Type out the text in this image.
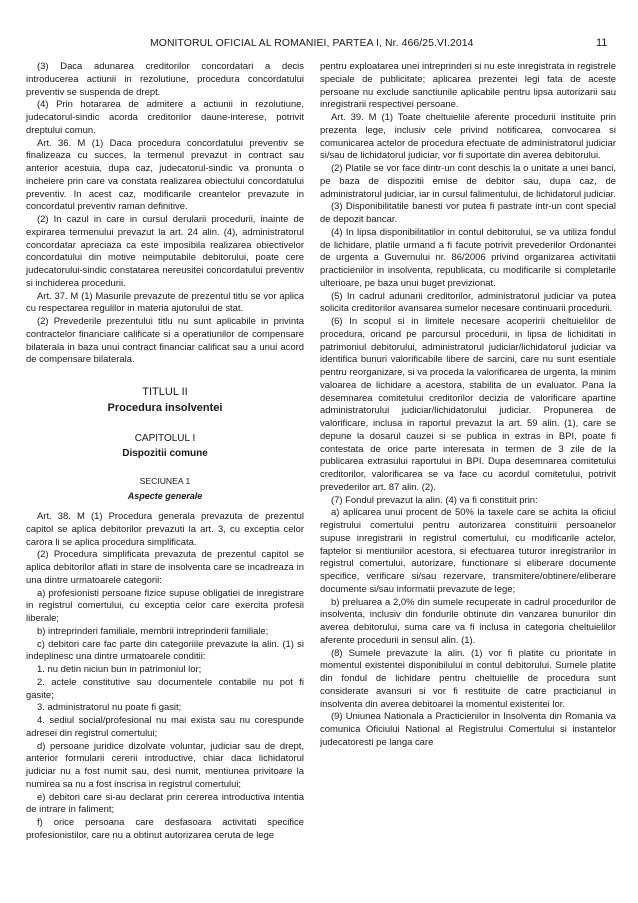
MONITORUL OFICIAL AL ROMANIEI, PARTEA I, Nr. 466/25.VI.2014	11

(3) Daca adunarea creditorilor concordatari a decis introducerea actiunii in rezolutiune, procedura concordatului preventiv se suspenda de drept.

(4) Prin hotararea de admitere a actiunii in rezolutiune, judecatorul-sindic acorda creditorilor daune-interese, potrivit dreptului comun.

Art. 36. M (1) Daca procedura concordatului preventiv se finalizeaza cu succes, la termenul prevazut in contract sau anterior acestuia, dupa caz, judecatorul-sindic va pronunta o incheiere prin care va constata realizarea obiectului concordatului preventiv. In acest caz, modificarile creantelor prevazute in concordatul preventiv raman definitive.

(2) In cazul in care in cursul derularii procedurii, inainte de expirarea termenului prevazut la art. 24 alin. (4), administratorul concordatar apreciaza ca este imposibila realizarea obiectivelor concordatului din motive neimputabile debitorului, poate cere judecatorului-sindic constatarea nereusitei concordatului preventiv si inchiderea procedurii.

Art. 37. M (1) Masurile prevazute de prezentul titlu se vor aplica cu respectarea regulilor in materia ajutorului de stat.

(2) Prevederile prezentului titlu nu sunt aplicabile in privinta contractelor financiare calificate si a operatiunilor de compensare bilaterala in baza unui contract financiar calificat sau a unui acord de compensare bilaterala.

TITLUL II

Procedura insolventei

CAPITOLUL I

Dispozitii comune

SECIUNEA 1

Aspecte generale

Art. 38. M (1) Procedura generala prevazuta de prezentul capitol se aplica debitorilor prevazuti la art. 3, cu exceptia celor carora li se aplica procedura simplificata.

(2) Procedura simplificata prevazuta de prezentul capitol se aplica debitorilor aflati in stare de insolventa care se incadreaza in una dintre urmatoarele categorii:

a) profesionisti persoane fizice supuse obligatiei de inregistrare in registrul comertului, cu exceptia celor care exercita profesii liberale;

b) intreprinderi familiale, membrii intreprinderii familiale;

c) debitori care fac parte din categoriile prevazute la alin. (1) si indeplinesc una dintre urmatoarele conditii:

1. nu detin niciun bun in patrimoniul lor;

2. actele constitutive sau documentele contabile nu pot fi gasite;

3. administratorul nu poate fi gasit;

4. sediul social/profesional nu mai exista sau nu corespunde adresei din registrul comertului;

d) persoane juridice dizolvate voluntar, judiciar sau de drept, anterior formularii cererii introductive, chiar daca lichidatorul judiciar nu a fost numit sau, desi numit, mentiunea privitoare la numirea sa nu a fost inscrisa in registrul comertului;

e) debitori care si-au declarat prin cererea introductiva intentia de intrare in faliment;

f) orice persoana care desfasoara activitati specifice profesionistilor, care nu a obtinut autorizarea ceruta de lege

pentru exploatarea unei intreprinderi si nu este inregistrata in registrele speciale de publicitate; aplicarea prezentei legi fata de aceste persoane nu exclude sanctiunile aplicabile pentru lipsa autorizarii sau inregistrarii respectivei persoane.

Art. 39. M (1) Toate cheltuielile aferente procedurii instituite prin prezenta lege, inclusiv cele privind notificarea, convocarea si comunicarea actelor de procedura efectuate de administratorul judiciar si/sau de lichidatorul judiciar, vor fi suportate din averea debitorului.

(2) Platile se vor face dintr-un cont deschis la o unitate a unei banci, pe baza de dispozitii emise de debitor sau, dupa caz, de administratorul judiciar, iar in cursul falimentului, de lichidatorul judiciar.

(3) Disponibilitatile banesti vor putea fi pastrate intr-un cont special de depozit bancar.

(4) In lipsa disponibilitatilor in contul debitorului, se va utiliza fondul de lichidare, platile urmand a fi facute potrivit prevederilor Ordonantei de urgenta a Guvernului nr. 86/2006 privind organizarea activitatii practicienilor in insolventa, republicata, cu modificarile si completarile ulterioare, pe baza unui buget previzionat.

(5) In cadrul adunarii creditorilor, administratorul judiciar va putea solicita creditorilor avansarea sumelor necesare continuarii procedurii.

(6) In scopul si in limitele necesare acoperirii cheltuielilor de procedura, oricand pe parcursul procedurii, in lipsa de lichiditati in patrimoniul debitorului, administratorul judiciar/lichidatorul judiciar va identifica bunuri valorificabile libere de sarcini, care nu sunt esentiale pentru reorganizare, si va proceda la valorificarea de urgenta, la minim valoarea de lichidare a acestora, stabilita de un evaluator. Pana la desemnarea comitetului creditorilor decizia de valorificare apartine administratorului judiciar/lichidatorului judiciar. Propunerea de valorificare, inclusa in raportul prevazut la art. 59 alin. (1), care se depune la dosarul cauzei si se publica in extras in BPI, poate fi contestata de orice parte interesata in termen de 3 zile de la publicarea extrasului raportului in BPI. Dupa desemnarea comitetului creditorilor, valorificarea se va face cu acordul comitetului, potrivit prevederilor art. 87 alin. (2).

(7) Fondul prevazut la alin. (4) va fi constituit prin:

a) aplicarea unui procent de 50% la taxele care se achita la oficiul registrului comertului pentru autorizarea constituirii persoanelor supuse inregistrarii in registrul comertului, cu modificarile actelor, faptelor si mentiunilor acestora, si efectuarea tuturor inregistrarilor in registrul comertului, autorizare, functionare si eliberare documente specifice, verificare si/sau rezervare, transmitere/obtinere/eliberare documente si/sau informatii prevazute de lege;

b) preluarea a 2,0% din sumele recuperate in cadrul procedurilor de insolventa, inclusiv din fondurile obtinute din vanzarea bunurilor din averea debitorului, suma care va fi inclusa in categoria cheltuielilor aferente procedurii in sensul alin. (1).

(8) Sumele prevazute la alin. (1) vor fi platite cu prioritate in momentul existentei disponibilului in contul debitorului. Sumele platite din fondul de lichidare pentru cheltuielile de procedura sunt considerate avansuri si vor fi restituite de catre practicianul in insolventa din averea debitoarei la momentul existentei lor.

(9) Uniunea Nationala a Practicienilor in Insolventa din Romania va comunica Oficiului National al Registrului Comertului si instantelor judecatoresti pe langa care
